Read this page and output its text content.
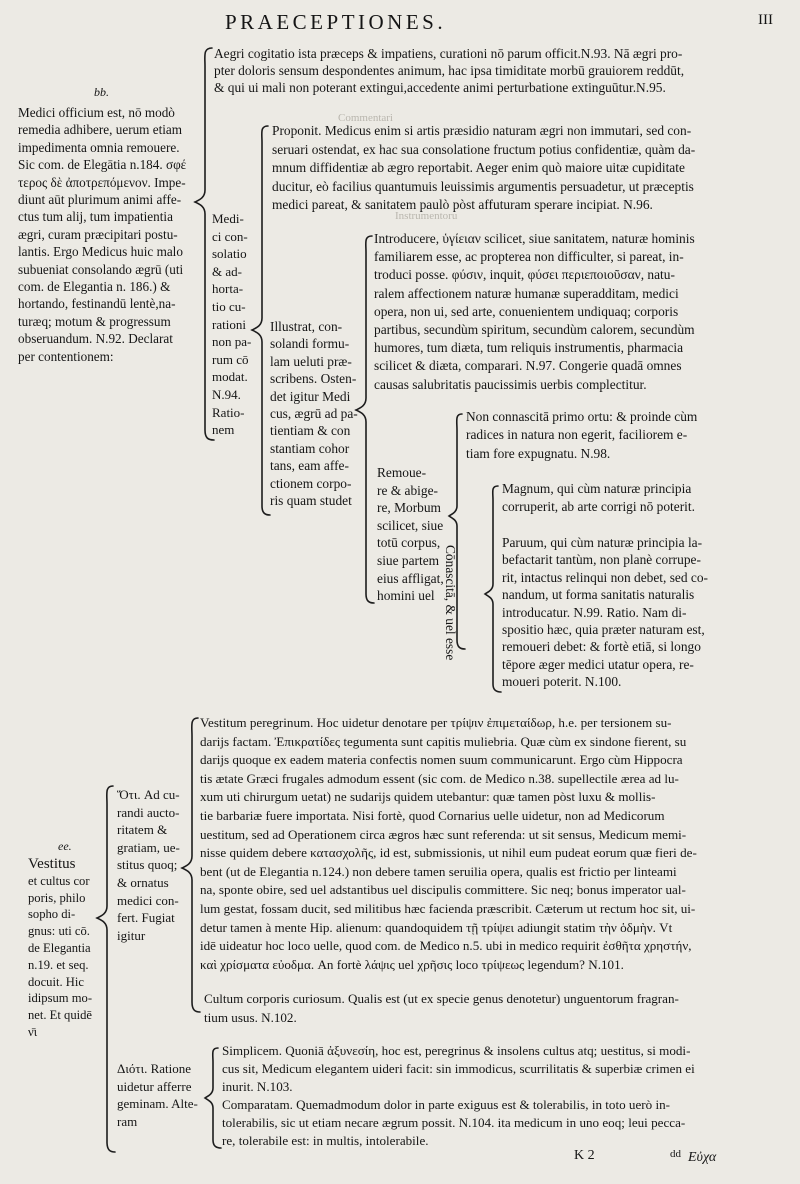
Commentari
Instrumentoru
PRAECEPTIONES.	III
bb.
Aegri cogitatio ista præceps & impatiens, curationi nō parum officit.N.93. Nā ægri pro-
pter doloris sensum despondentes animum, hac ipsa timiditate morbū grauiorem reddūt,
& qui ui mali non poterant extingui,accedente animi perturbatione extinguūtur.N.95.
Medici officium est, nō modò
remedia adhibere, uerum etiam
impedimenta omnia remouere.
Sic com. de Elegātia n.184. σφέ
τερος δὲ ἀποτρεπόμενον. Impe-
diunt aūt plurimum animi affe-
ctus tum alij, tum impatientia
ægri, curam præcipitari postu-
lantis. Ergo Medicus huic malo
subueniat consolando ægrū (uti
com. de Elegantia n. 186.) &
hortando, festinandū lentè,na-
turæq; motum & progressum
obseruandum. N.92. Declarat
per contentionem:
Medi-
ci con-
solatio
& ad-
horta-
tio cu-
rationi
non pa-
rum cō
modat.
N.94.
Ratio-
nem
Proponit. Medicus enim si artis præsidio naturam ægri non immutari, sed con-
seruari ostendat, ex hac sua consolatione fructum potius confidentiæ, quàm da-
mnum diffidentiæ ab ægro reportabit. Aeger enim quò maiore uitæ cupiditate
ducitur, eò facilius quantumuis leuissimis argumentis persuadetur, ut præceptis
medici pareat, & sanitatem paulò pòst affuturam sperare incipiat. N.96.
Illustrat, con-
solandi formu-
lam ueluti præ-
scribens. Osten-
det igitur Medi
cus, ægrū ad pa-
tientiam & con
stantiam cohor
tans, eam affe-
ctionem corpo-
ris quam studet
Introducere, ὑγίειαν scilicet, siue sanitatem, naturæ hominis
familiarem esse, ac propterea non difficulter, si pareat, in-
troduci posse. φύσιν, inquit, φύσει περιεποιοῦσαν, natu-
ralem affectionem naturæ humanæ superadditam, medici
opera, non ui, sed arte, conuenientem undiquaq; corporis
partibus, secundùm spiritum, secundùm calorem, secundùm
humores, tum diæta, tum reliquis instrumentis, pharmacia
scilicet & diæta, comparari. N.97. Congerie quadā omnes
causas salubritatis paucissimis uerbis complectitur.
Remoue-
re & abige-
re, Morbum
scilicet, siue
totū corpus,
siue partem
eius affligat,
homini uel
Non connascitā primo ortu: & proinde cùm
radices in natura non egerit, faciliorem e-
tiam fore expugnatu. N.98.
Cōnascitā, & uel esse
Magnum, qui cùm naturæ principia
corruperit, ab arte corrigi nō poterit.
Paruum, qui cùm naturæ principia la-
befactarit tantùm, non planè corrupe-
rit, intactus relinqui non debet, sed co-
nandum, ut forma sanitatis naturalis
introducatur. N.99. Ratio. Nam di-
spositio hæc, quia præter naturam est,
remoueri debet: & fortè etiā, si longo
tēpore æger medici utatur opera, re-
moueri poterit. N.100.
ee.
Vestitus
et cultus cor
poris, philo
sopho di-
gnus: uti cō.
de Elegantia
n.19. et seq.
docuit. Hic
idipsum mo-
net. Et quidē
ν̄ι
Ὅτι. Ad cu-
randi aucto-
ritatem &
gratiam, ue-
stitus quoq;
& ornatus
medici con-
fert. Fugiat
igitur
Vestitum peregrinum. Hoc uidetur denotare per τρίψιν ἐπιμεταίδωρ, h.e. per tersionem su-
darijs factam. Ἐπικρατίδες tegumenta sunt capitis muliebria. Quæ cùm ex sindone fierent, su
darijs quoque ex eadem materia confectis nomen suum communicarunt. Ergo cùm Hippocra
tis ætate Græci frugales admodum essent (sic com. de Medico n.38. supellectile ærea ad lu-
xum uti chirurgum uetat) ne sudarijs quidem utebantur: quæ tamen pòst luxu & mollis-
tie barbariæ fuere importata. Nisi fortè, quod Cornarius uelle uidetur, non ad Medicorum
uestitum, sed ad Operationem circa ægros hæc sunt referenda: ut sit sensus, Medicum memi-
nisse quidem debere κατασχολῆς, id est, submissionis, ut nihil eum pudeat eorum quæ fieri de-
bent (ut de Elegantia n.124.) non debere tamen seruilia opera, qualis est frictio per linteami
na, sponte obire, sed uel adstantibus uel discipulis committere. Sic neq; bonus imperator ual-
lum gestat, fossam ducit, sed militibus hæc facienda præscribit. Cæterum ut rectum hoc sit, ui-
detur tamen à mente Hip. alienum: quandoquidem τῇ τρίψει adiungit statim τὴν ὁδμὴν. Vt
idē uideatur hoc loco uelle, quod com. de Medico n.5. ubi in medico requirit ἐσθῆτα χρηστήν,
καὶ χρίσματα εὐοδμα. An fortè λάψις uel χρῆσις loco τρίψεως legendum? N.101.
Cultum corporis curiosum. Qualis est (ut ex specie genus denotetur) unguentorum fragran-
tium usus. N.102.
Διότι. Ratione
uidetur afferre
geminam. Alte-
ram
Simplicem. Quoniā ἀξυνεσίη, hoc est, peregrinus & insolens cultus atq; uestitus, si modi-
cus sit, Medicum elegantem uideri facit: sin immodicus, scurrilitatis & superbiæ crimen ei
inurit. N.103.
Comparatam. Quemadmodum dolor in parte exiguus est & tolerabilis, in toto uerò in-
tolerabilis, sic ut etiam necare ægrum possit. N.104. ita medicum in uno eoq; leui pecca-
re, tolerabile est: in multis, intolerabile.
K 2	dd Εὐχα
